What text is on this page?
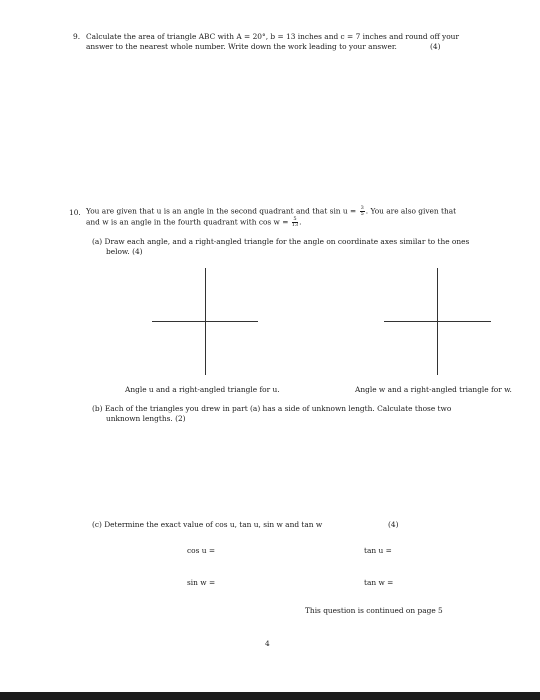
9. Calculate the area of triangle ABC with A = 20°, b = 13 inches and c = 7 inches and round off your
answer to the nearest whole number. Write down the work leading to your answer.	(4)
10. You are given that u is an angle in the second quadrant and that $\sin u = \frac{3}{5}$ . You are also given that
and w is an angle in the fourth quadrant with $\cos w = \frac{5}{13}$ .
(a) Draw each angle, and a right-angled triangle for the angle on coordinate axes similar to the ones
below. (4)
Angle u and a right-angled triangle for u.	Angle w and a right-angled triangle for w.
(b) Each of the triangles you drew in part (a) has a side of unknown length. Calculate those two
unknown lengths. (2)
(c) Determine the exact value of cos u, tan u, sin w and tan w	(4)
cos u =	tan u =
sin w =	tan w =
This question is continued on page 5
4
